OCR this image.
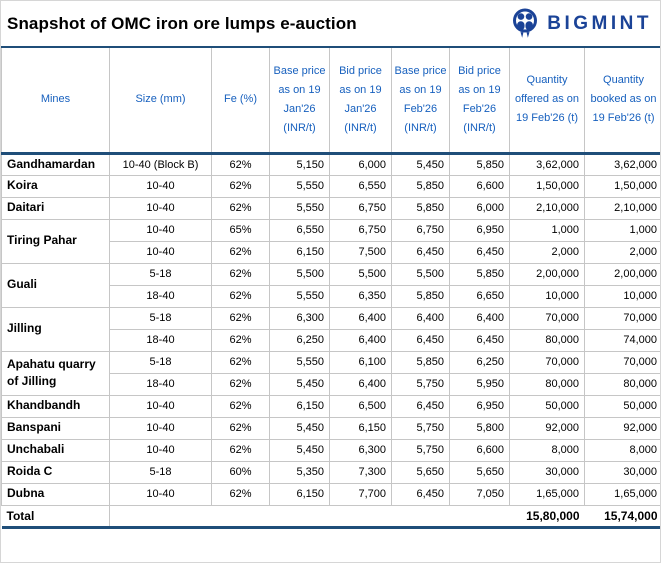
Snapshot of OMC iron ore lumps e-auction	BIGMINT
Mines	Size (mm)	Fe (%)	Base price as on 19 Jan'26 (INR/t)	Bid price as on 19 Jan'26 (INR/t)	Base price as on 19 Feb'26 (INR/t)	Bid price as on 19 Feb'26 (INR/t)	Quantity offered as on 19 Feb'26 (t)	Quantity booked as on 19 Feb'26 (t)
Gandhamardan	10-40 (Block B)	62%	5,150	6,000	5,450	5,850	3,62,000	3,62,000
Koira	10-40	62%	5,550	6,550	5,850	6,600	1,50,000	1,50,000
Daitari	10-40	62%	5,550	6,750	5,850	6,000	2,10,000	2,10,000
Tiring Pahar	10-40	65%	6,550	6,750	6,750	6,950	1,000	1,000
	10-40	62%	6,150	7,500	6,450	6,450	2,000	2,000
Guali	5-18	62%	5,500	5,500	5,500	5,850	2,00,000	2,00,000
	18-40	62%	5,550	6,350	5,850	6,650	10,000	10,000
Jilling	5-18	62%	6,300	6,400	6,400	6,400	70,000	70,000
	18-40	62%	6,250	6,400	6,450	6,450	80,000	74,000
Apahatu quarry of Jilling	5-18	62%	5,550	6,100	5,850	6,250	70,000	70,000
	18-40	62%	5,450	6,400	5,750	5,950	80,000	80,000
Khandbandh	10-40	62%	6,150	6,500	6,450	6,950	50,000	50,000
Banspani	10-40	62%	5,450	6,150	5,750	5,800	92,000	92,000
Unchabali	10-40	62%	5,450	6,300	5,750	6,600	8,000	8,000
Roida C	5-18	60%	5,350	7,300	5,650	5,650	30,000	30,000
Dubna	10-40	62%	6,150	7,700	6,450	7,050	1,65,000	1,65,000
Total							15,80,000	15,74,000
